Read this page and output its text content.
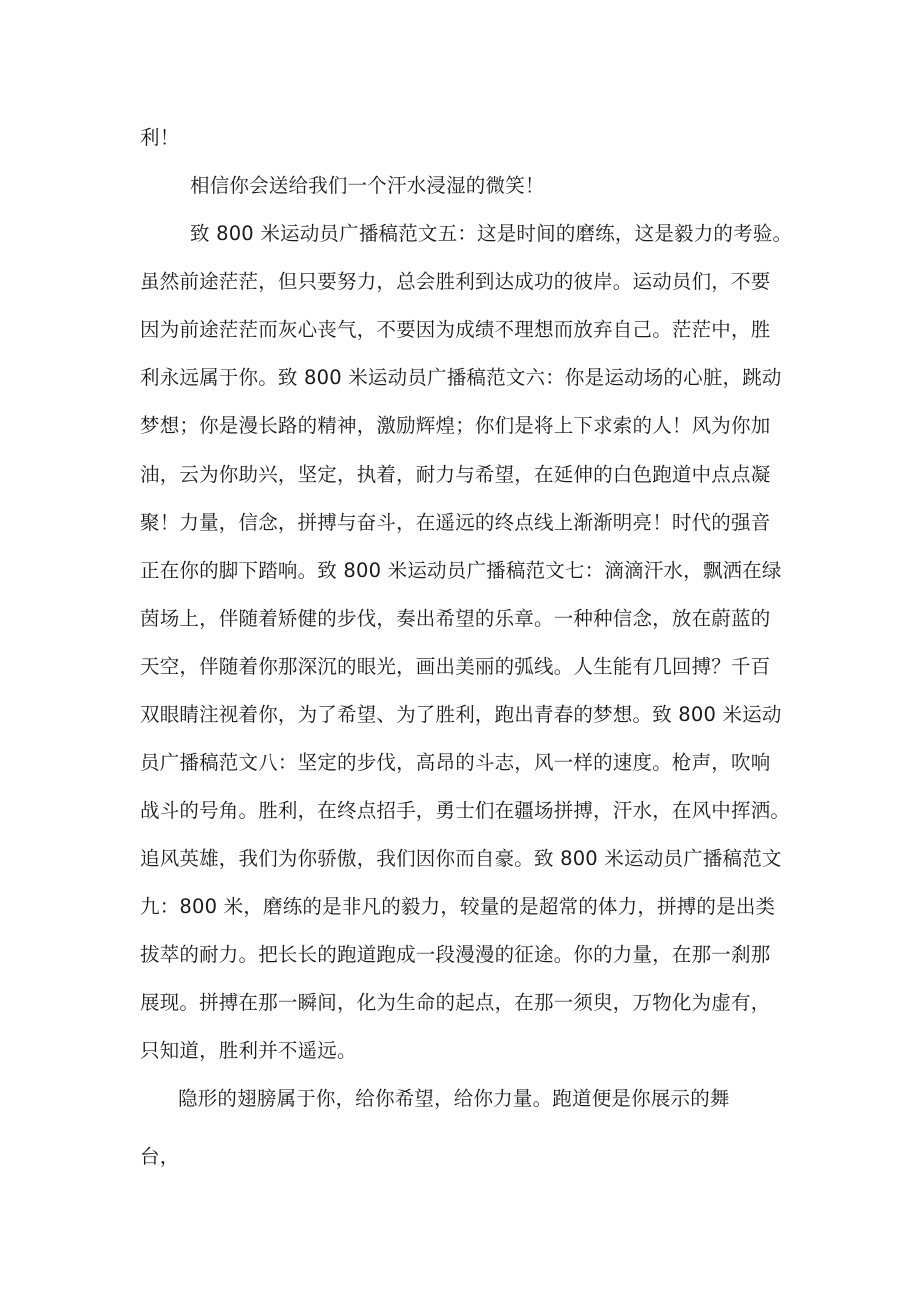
利！

相信你会送给我们一个汗水浸湿的微笑！

致 800 米运动员广播稿范文五：这是时间的磨练，这是毅力的考验。

虽然前途茫茫，但只要努力，总会胜利到达成功的彼岸。运动员们，不要

因为前途茫茫而灰心丧气，不要因为成绩不理想而放弃自己。茫茫中，胜

利永远属于你。致 800 米运动员广播稿范文六：你是运动场的心脏，跳动

梦想；你是漫长路的精神，激励辉煌；你们是将上下求索的人！风为你加

油，云为你助兴，坚定，执着，耐力与希望，在延伸的白色跑道中点点凝

聚！力量，信念，拼搏与奋斗，在遥远的终点线上渐渐明亮！时代的强音

正在你的脚下踏响。致 800 米运动员广播稿范文七：滴滴汗水，飘洒在绿

茵场上，伴随着矫健的步伐，奏出希望的乐章。一种种信念，放在蔚蓝的

天空，伴随着你那深沉的眼光，画出美丽的弧线。人生能有几回搏？千百

双眼睛注视着你，为了希望、为了胜利，跑出青春的梦想。致 800 米运动

员广播稿范文八：坚定的步伐，高昂的斗志，风一样的速度。枪声，吹响

战斗的号角。胜利，在终点招手，勇士们在疆场拼搏，汗水，在风中挥洒。

追风英雄，我们为你骄傲，我们因你而自豪。致 800 米运动员广播稿范文

九：800 米，磨练的是非凡的毅力，较量的是超常的体力，拼搏的是出类

拔萃的耐力。把长长的跑道跑成一段漫漫的征途。你的力量，在那一刹那

展现。拼搏在那一瞬间，化为生命的起点，在那一须臾，万物化为虚有，

只知道，胜利并不遥远。

隐形的翅膀属于你，给你希望，给你力量。跑道便是你展示的舞

台，
